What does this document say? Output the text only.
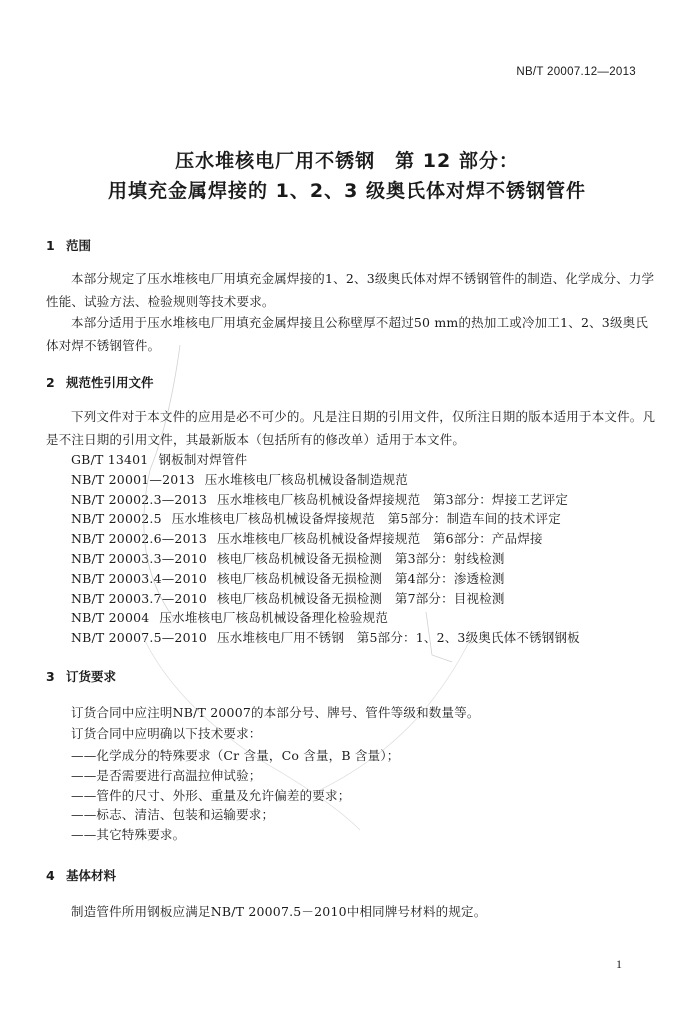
NB/T 20007.12—2013
压水堆核电厂用不锈钢　第 12 部分：
用填充金属焊接的 1、2、3 级奥氏体对焊不锈钢管件
1 范围
本部分规定了压水堆核电厂用填充金属焊接的1、2、3级奥氏体对焊不锈钢管件的制造、化学成分、力学性能、试验方法、检验规则等技术要求。
本部分适用于压水堆核电厂用填充金属焊接且公称壁厚不超过50 mm的热加工或冷加工1、2、3级奥氏体对焊不锈钢管件。
2 规范性引用文件
下列文件对于本文件的应用是必不可少的。凡是注日期的引用文件，仅所注日期的版本适用于本文件。凡是不注日期的引用文件，其最新版本（包括所有的修改单）适用于本文件。
GB/T 13401 钢板制对焊管件
NB/T 20001—2013 压水堆核电厂核岛机械设备制造规范
NB/T 20002.3—2013 压水堆核电厂核岛机械设备焊接规范　第3部分：焊接工艺评定
NB/T 20002.5 压水堆核电厂核岛机械设备焊接规范　第5部分：制造车间的技术评定
NB/T 20002.6—2013 压水堆核电厂核岛机械设备焊接规范　第6部分：产品焊接
NB/T 20003.3—2010 核电厂核岛机械设备无损检测　第3部分：射线检测
NB/T 20003.4—2010 核电厂核岛机械设备无损检测　第4部分：渗透检测
NB/T 20003.7—2010 核电厂核岛机械设备无损检测　第7部分：目视检测
NB/T 20004 压水堆核电厂核岛机械设备理化检验规范
NB/T 20007.5—2010 压水堆核电厂用不锈钢　第5部分：1、2、3级奥氏体不锈钢钢板
3 订货要求
订货合同中应注明NB/T 20007的本部分号、牌号、管件等级和数量等。
订货合同中应明确以下技术要求：
——化学成分的特殊要求（Cr 含量，Co 含量，B 含量）；
——是否需要进行高温拉伸试验；
——管件的尺寸、外形、重量及允许偏差的要求；
——标志、清洁、包装和运输要求；
——其它特殊要求。
4 基体材料
制造管件所用钢板应满足NB/T 20007.5－2010中相同牌号材料的规定。
1
